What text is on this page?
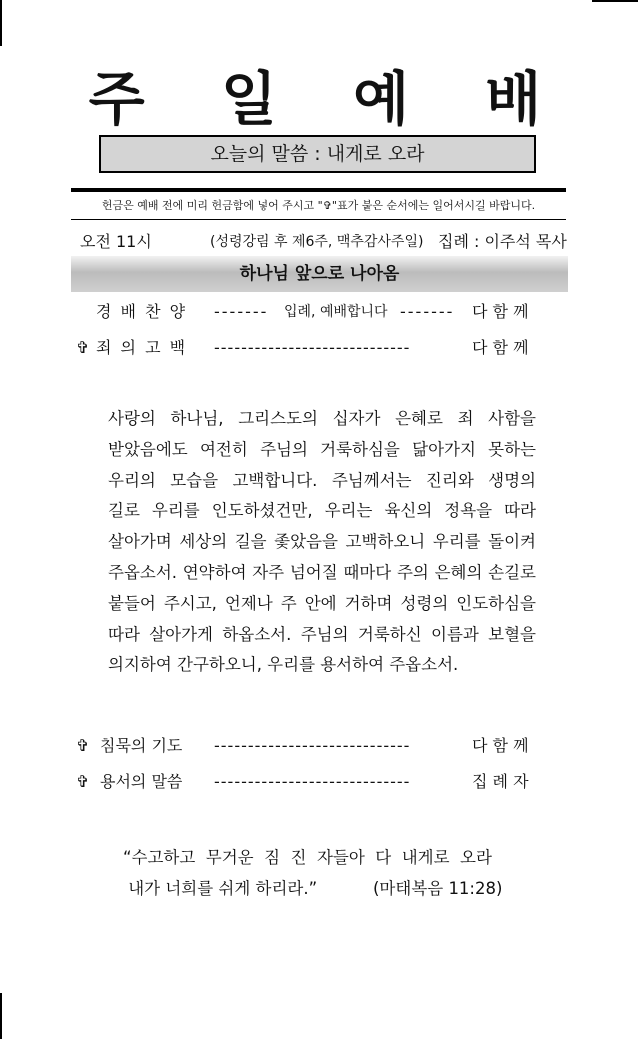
주 일 예 배
오늘의 말씀 : 내게로 오라
헌금은 예배 전에 미리 헌금함에 넣어 주시고 "✞"표가 붙은 순서에는 일어서시길 바랍니다.
오전 11시	(성령강림 후 제6주, 맥추감사주일) 집례 : 이주석 목사
하나님 앞으로 나아옴
경 배 찬 양 ------- 입례, 예배합니다 ------- 다 함 께
✞ 죄 의 고 백 -----------------------------	다 함 께
사랑의 하나님, 그리스도의 십자가 은혜로 죄 사함을
받았음에도 여전히 주님의 거룩하심을 닮아가지 못하는
우리의 모습을 고백합니다. 주님께서는 진리와 생명의
길로 우리를 인도하셨건만, 우리는 육신의 정욕을 따라
살아가며 세상의 길을 좇았음을 고백하오니 우리를 돌이켜
주옵소서. 연약하여 자주 넘어질 때마다 주의 은혜의 손길로
붙들어 주시고, 언제나 주 안에 거하며 성령의 인도하심을
따라 살아가게 하옵소서. 주님의 거룩하신 이름과 보혈을
의지하여 간구하오니, 우리를 용서하여 주옵소서.
✞ 침묵의 기도 -----------------------------	다 함 께
✞ 용서의 말씀 -----------------------------	집 례 자
“수고하고  무거운  짐  진  자들아  다  내게로  오라
내가 너희를 쉬게 하리라.”	(마태복음 11:28)
